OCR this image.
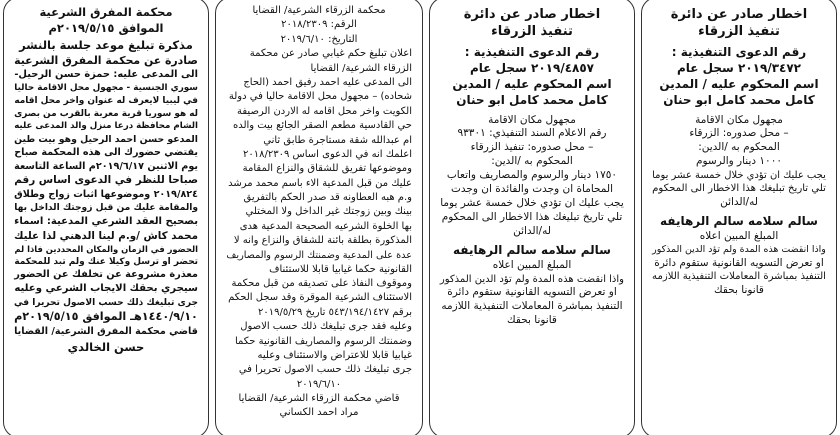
اخطار صادر عن دائرة
تنفيذ الزرقاء
رقم الدعوى التنفيذية :
٢٠١٩/٣٤٧٢ سجل عام
اسم المحكوم عليه / المدين
كامل محمد كامل ابو حنان
مجهول مكان الاقامة
– محل صدوره: الزرقاء
المحكوم به /الدين:
١٠٠٠ دينار والرسوم
يجب عليك ان تؤدي خلال خمسة عشر يوما
تلي تاريخ تبليغك هذا الاخطار الى المحكوم
له/الدائن
سالم سلامه سالم الرهايفه
المبلغ المبين اعلاه
واذا انقضت هذه المدة ولم تؤد الدين المذكور
او تعرض التسويه القانونية ستقوم دائرة
التنفيذ بمباشرة المعاملات التنفيذية اللازمه
قانونا بحقك
اخطار صادر عن دائرة
تنفيذ الزرقاء
رقم الدعوى التنفيذية :
٢٠١٩/٤٨٥٧ سجل عام
اسم المحكوم عليه / المدين
كامل محمد كامل ابو حنان
مجهول مكان الاقامة
رقم الاعلام السند التنفيذي: ٩٣٣٠١
– محل صدوره: تنفيذ الزرقاء
المحكوم به /الدين:
١٧٥٠ دينار والرسوم والمصاريف واتعاب
المحاماة ان وجدت والفائدة ان وجدت
يجب عليك ان تؤدي خلال خمسة عشر يوما
تلي تاريخ تبليغك هذا الاخطار الى المحكوم
له/الدائن
سالم سلامه سالم الرهايفه
المبلغ المبين اعلاه
واذا انقضت هذه المدة ولم تؤد الدين المذكور
او تعرض التسويه القانونية ستقوم دائرة
التنفيذ بمباشرة المعاملات التنفيذية اللازمه
قانونا بحقك
محكمة الزرقاء الشرعية/ القضايا
الرقم: ٢٠١٨/٢٣٠٩
التاريخ: ٢٠١٩/٦/١٠
اعلان تبليغ حكم غيابي صادر عن محكمة
الزرقاء الشرعية/ القضايا
الى المدعى عليه احمد رفيق احمد (الحاج
شحاده) – مجهول محل الاقامة حاليا في دولة
الكويت واخر محل اقامه له الاردن الرصيفة
حي القادسية مطعم الصقر الجائع بيت والده
ام عبدالله شقة مستاجرة طابق ثاني
اعلمك انه في الدعوى اساس ٢٠١٨/٢٣٠٩
وموضوعها تفريق للشقاق والنزاع المقامة
عليك من قبل المدعية الاء باسم محمد مرشد
و.م هبه العطاونه قد صدر الحكم بالتفريق
بينك وبين زوجتك غير الداخل ولا المختلي
بها الخلوة الشرعيه الصحيحة المدعية هدى
المذكورة بطلقة بائنة للشقاق والنزاع وانه لا
عدة على المدعية وضمنتك الرسوم والمصاريف
القانونية حكما غيابيا قابلا للاستئناف
وموقوف النفاذ على تصديقه من قبل محكمة
الاستئناف الشرعية الموقرة وقد سجل الحكم
برقم ٥٤٣/١٩٤/١٤٢٧ تاريخ ٢٠١٩/٥/٢٩
وعليه فقد جرى تبليغك ذلك حسب الاصول
وضمنتك الرسوم والمصاريف القانونية حكما
غيابيا قابلا للاعتراض والاستئناف وعليه
جرى تبليغك ذلك حسب الاصول تحريرا في
٢٠١٩/٦/١٠
قاضي محكمة الزرقاء الشرعية/ القضايا
مراد احمد الكساني
محكمة المفرق الشرعية
الموافق ٢٠١٩/٥/١٥م
مذكرة تبليغ موعد جلسة بالنشر
صادرة عن محكمة المفرق الشرعية
الى المدعى عليه: حمزة حسن الرحيل-
سوري الجنسية - مجهول محل الاقامة حاليا
في ليبيا لايعرف له عنوان واخر محل اقامه
له هو سوريا قرية معربة بالقرب من بصرى
الشام محافظة درعا منزل والد المدعى عليه
المدعو حسن احمد الرحيل وهو بيت طين
يقتضي حضورك الى هذه المحكمة صباح
يوم الاثنين ٢٠١٩/٦/١٧م الساعة التاسعة
صباحا للنظر في الدعوى اساس رقم
٢٠١٩/٨٢٤ وموضوعها اثبات زواج وطلاق
والمقامة عليك من قبل زوجتك الداخل بها
بصحيح العقد الشرعي المدعية: اسماء
محمد كاش /و.م لينا الدهني لذا عليك
الحضور في الزمان والمكان المحددين فاذا لم
تحضر او ترسل وكيلا عنك ولم تبد للمحكمة
معذرة مشروعة عن تخلفك عن الحضور
سيجري بحقك الايجاب الشرعي وعليه
جرى تبليغك ذلك حسب الاصول تحريرا في
١٤٤٠/٩/١٠هـ الموافق ٢٠١٩/٥/١٥م
قاضي محكمة المفرق الشرعية/ القضايا
حسن الخالدي
